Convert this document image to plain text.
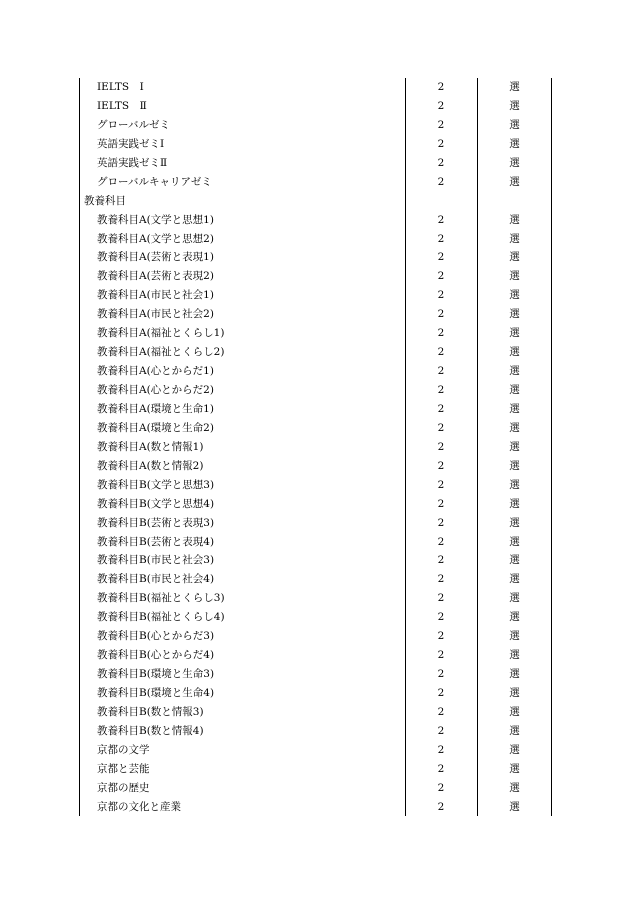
IELTS　Ⅰ	2	選
IELTS　Ⅱ	2	選
グローバルゼミ	2	選
英語実践ゼミⅠ	2	選
英語実践ゼミⅡ	2	選
グローバルキャリアゼミ	2	選
教養科目
教養科目A(文学と思想1)	2	選
教養科目A(文学と思想2)	2	選
教養科目A(芸術と表現1)	2	選
教養科目A(芸術と表現2)	2	選
教養科目A(市民と社会1)	2	選
教養科目A(市民と社会2)	2	選
教養科目A(福祉とくらし1)	2	選
教養科目A(福祉とくらし2)	2	選
教養科目A(心とからだ1)	2	選
教養科目A(心とからだ2)	2	選
教養科目A(環境と生命1)	2	選
教養科目A(環境と生命2)	2	選
教養科目A(数と情報1)	2	選
教養科目A(数と情報2)	2	選
教養科目B(文学と思想3)	2	選
教養科目B(文学と思想4)	2	選
教養科目B(芸術と表現3)	2	選
教養科目B(芸術と表現4)	2	選
教養科目B(市民と社会3)	2	選
教養科目B(市民と社会4)	2	選
教養科目B(福祉とくらし3)	2	選
教養科目B(福祉とくらし4)	2	選
教養科目B(心とからだ3)	2	選
教養科目B(心とからだ4)	2	選
教養科目B(環境と生命3)	2	選
教養科目B(環境と生命4)	2	選
教養科目B(数と情報3)	2	選
教養科目B(数と情報4)	2	選
京都の文学	2	選
京都と芸能	2	選
京都の歴史	2	選
京都の文化と産業	2	選
